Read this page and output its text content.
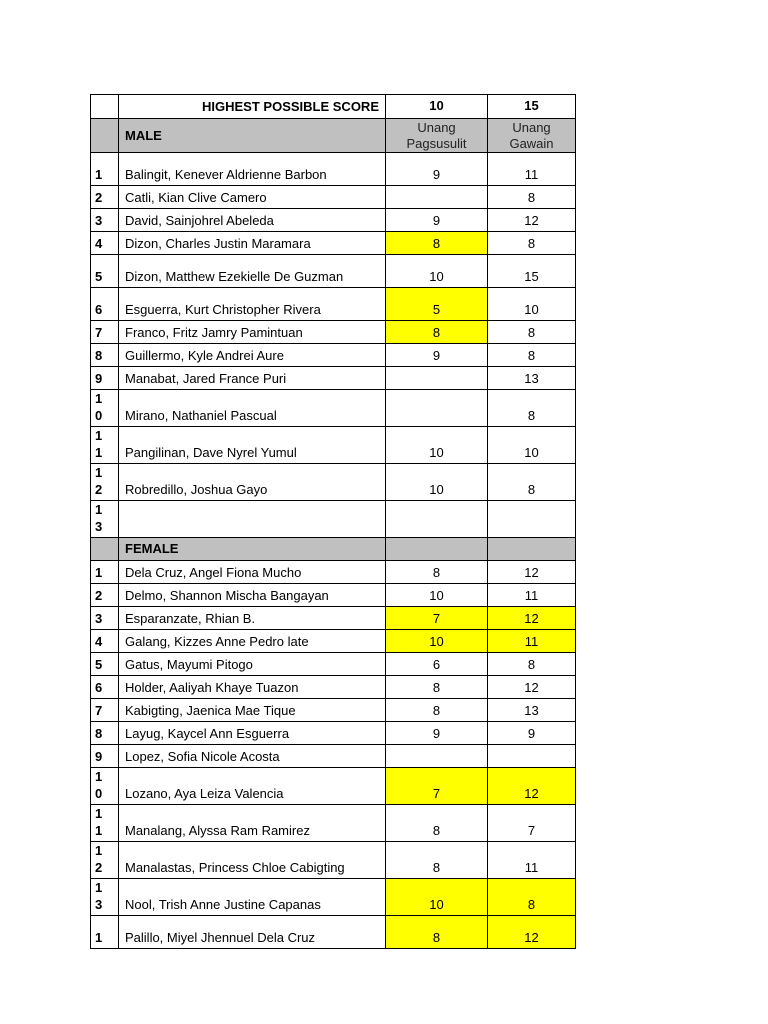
	HIGHEST POSSIBLE SCORE	10	15
	MALE	Unang Pagsusulit	Unang Gawain
1	Balingit, Kenever Aldrienne Barbon	9	11
2	Catli, Kian Clive Camero		8
3	David, Sainjohrel Abeleda	9	12
4	Dizon, Charles Justin Maramara	8	8
5	Dizon, Matthew Ezekielle De Guzman	10	15
6	Esguerra, Kurt Christopher Rivera	5	10
7	Franco, Fritz Jamry Pamintuan	8	8
8	Guillermo, Kyle Andrei Aure	9	8
9	Manabat, Jared France Puri		13

1
0	Mirano, Nathaniel Pascual		8

1
1	Pangilinan, Dave Nyrel Yumul	10	10

1
2	Robredillo, Joshua Gayo	10	8

1
3			

	FEMALE		
1	Dela Cruz, Angel Fiona Mucho	8	12
2	Delmo, Shannon Mischa Bangayan	10	11
3	Esparanzate, Rhian B.	7	12
4	Galang, Kizzes Anne Pedro late	10	11
5	Gatus, Mayumi Pitogo	6	8
6	Holder, Aaliyah Khaye Tuazon	8	12
7	Kabigting, Jaenica Mae Tique	8	13
8	Layug, Kaycel Ann Esguerra	9	9
9	Lopez, Sofia Nicole Acosta		

1
0	Lozano, Aya Leiza Valencia	7	12

1
1	Manalang, Alyssa Ram Ramirez	8	7

1
2	Manalastas, Princess Chloe Cabigting	8	11

1
3	Nool, Trish Anne Justine Capanas	10	8
1	Palillo, Miyel Jhennuel Dela Cruz	8	12
